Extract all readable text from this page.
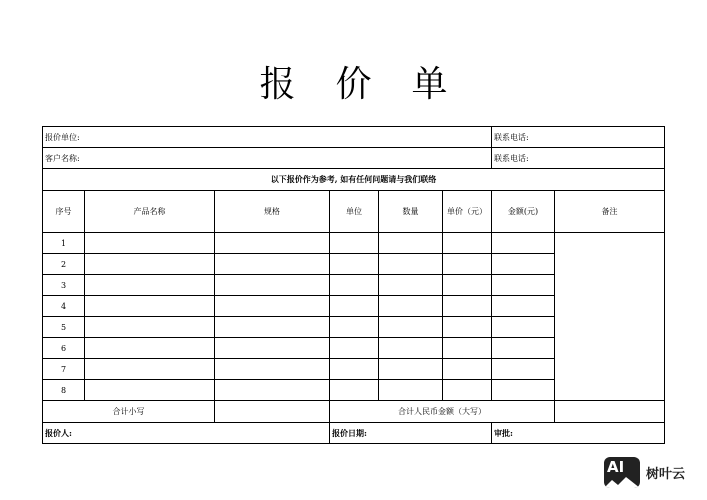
报价单
报价单位:						联系电话:	
客户名称:						联系电话:	
以下报价作为参考, 如有任何问题请与我们联络							
序号	产品名称	规格	单位	数量	单价（元）	金额(元)	备注
1							
2							
3							
4							
5							
6							
7							
8							
合计小写			合计人民币金额（大写）				
报价人:			报价日期:			审批:	
AI 树叶云
